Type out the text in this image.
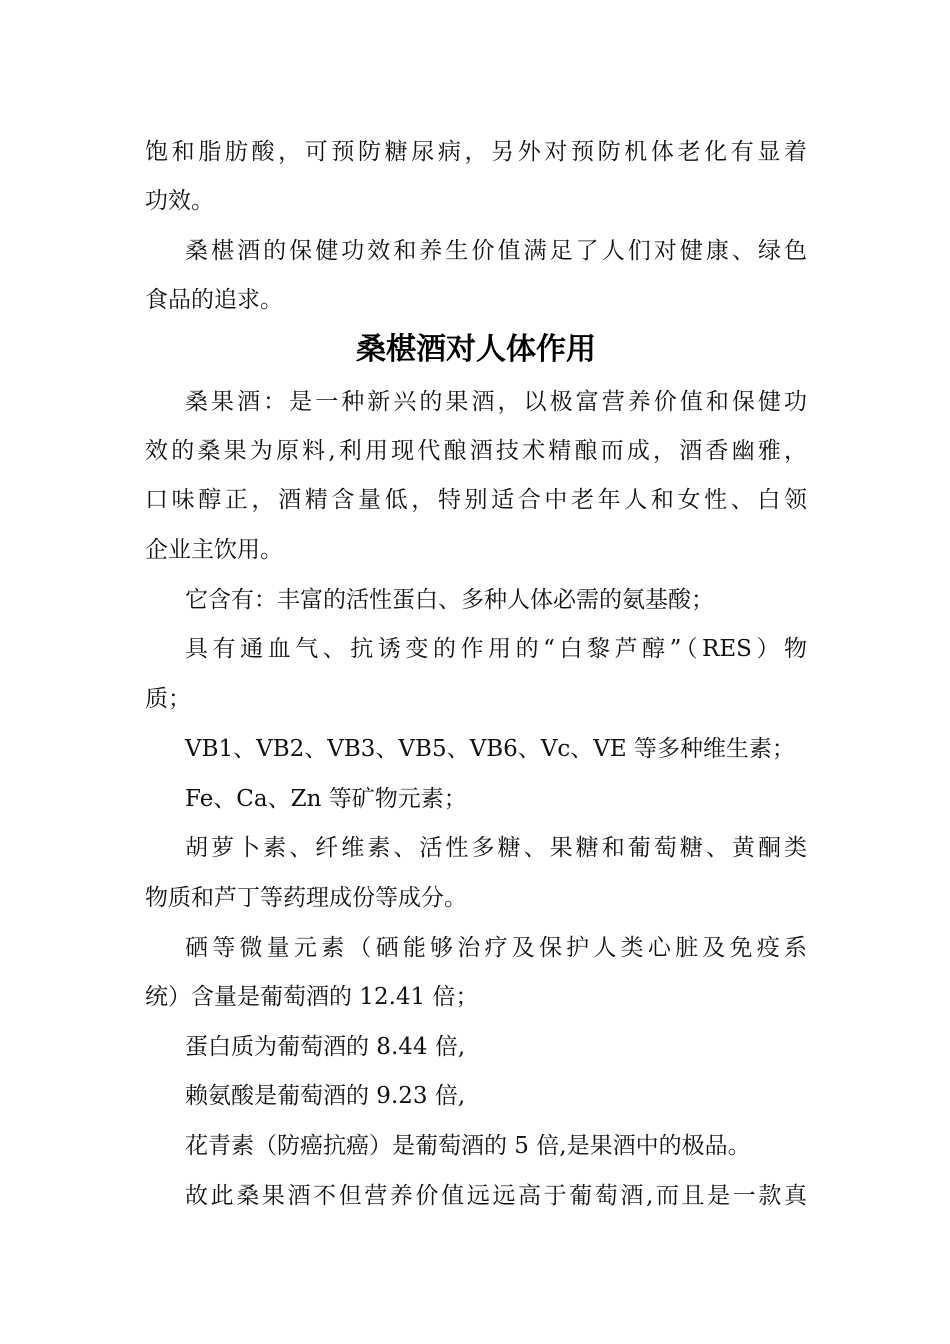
饱和脂肪酸，可预防糖尿病，另外对预防机体老化有显着
功效。
桑椹酒的保健功效和养生价值满足了人们对健康、绿色
食品的追求。
桑椹酒对人体作用
桑果酒：是一种新兴的果酒，以极富营养价值和保健功
效的桑果为原料,利用现代酿酒技术精酿而成，酒香幽雅，
口味醇正，酒精含量低，特别适合中老年人和女性、白领
企业主饮用。
它含有：丰富的活性蛋白、多种人体必需的氨基酸；
具有通血气、抗诱变的作用的“白黎芦醇”（RES）物
质；
VB1、VB2、VB3、VB5、VB6、Vc、VE 等多种维生素；
Fe、Ca、Zn 等矿物元素；
胡萝卜素、纤维素、活性多糖、果糖和葡萄糖、黄酮类
物质和芦丁等药理成份等成分。
硒等微量元素（硒能够治疗及保护人类心脏及免疫系
统）含量是葡萄酒的 12.41 倍；
蛋白质为葡萄酒的 8.44 倍,
赖氨酸是葡萄酒的 9.23 倍,
花青素（防癌抗癌）是葡萄酒的 5 倍,是果酒中的极品。
故此桑果酒不但营养价值远远高于葡萄酒,而且是一款真
